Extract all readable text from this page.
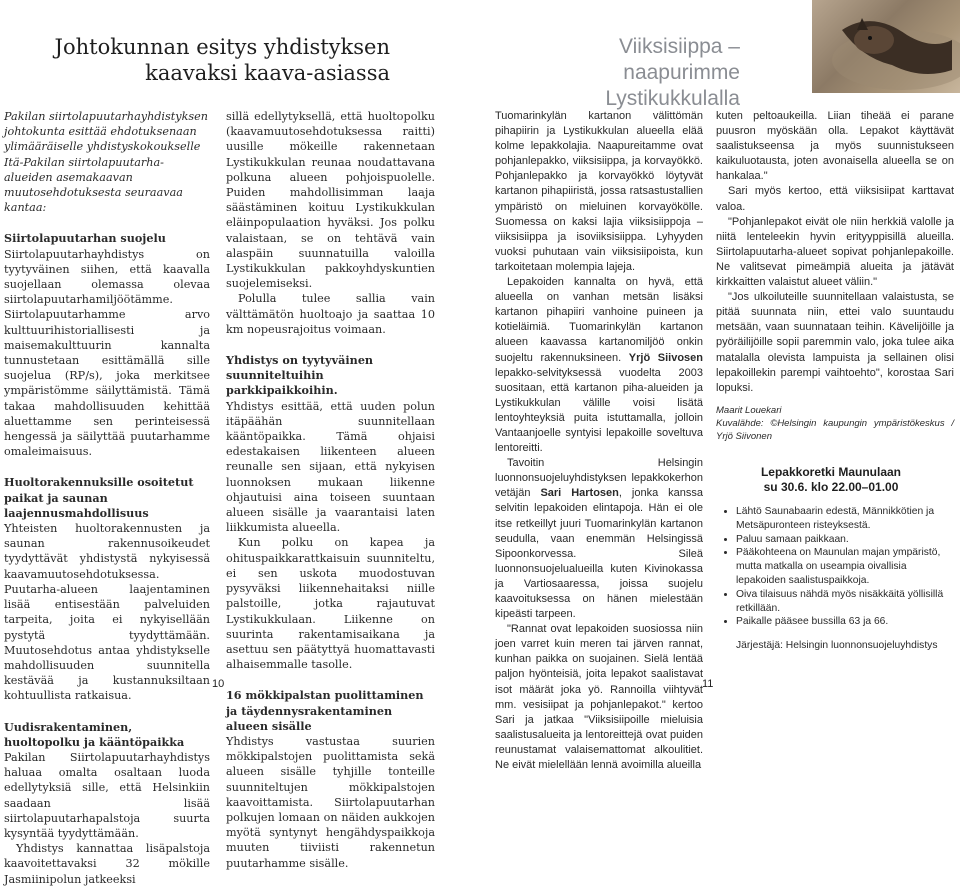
Johtokunnan esitys yhdistyksen
kaavaksi kaava-asiassa
Viiksisiippa – naapurimme
Lystikukkulalla

Pakilan siirtolapuutarhayhdistyksen johtokunta esittää ehdotuksenaan ylimääräiselle yhdistyskokoukselle Itä-Pakilan siirtolapuutarha-alueiden asemakaavan muutosehdotuksesta seuraavaa kantaa:

Siirtolapuutarhan suojelu

Siirtolapuutarhayhdistys on tyytyväinen siihen, että kaavalla suojellaan olemassa olevaa siirtolapuutarhamiljöötämme. Siirtolapuutarhamme arvo kulttuurihistoriallisesti ja maisemakulttuurin kannalta tunnustetaan esittämällä sille suojelua (RP/s), joka merkitsee ympäristömme säilyttämistä. Tämä takaa mahdollisuuden kehittää aluettamme sen perinteisessä hengessä ja säilyttää puutarhamme omaleimaisuus.

Huoltorakennuksille osoitetut paikat ja saunan laajennusmahdollisuus

Yhteisten huoltorakennusten ja saunan rakennusoikeudet tyydyttävät yhdistystä nykyisessä kaavamuutosehdotuksessa. Puutarha-alueen laajentaminen lisää entisestään palveluiden tarpeita, joita ei nykyisellään pystytä tyydyttämään. Muutosehdotus antaa yhdistykselle mahdollisuuden suunnitella kestävää ja kustannuksiltaan kohtuullista ratkaisua.

Uudisrakentaminen, huoltopolku ja kääntöpaikka

Pakilan Siirtolapuutarhayhdistys haluaa omalta osaltaan luoda edellytyksiä sille, että Helsinkiin saadaan lisää siirtolapuutarhapalstoja suurta kysyntää tyydyttämään.

Yhdistys kannattaa lisäpalstoja kaavoitettavaksi 32 mökille Jasmiinipolun jatkeeksi

sillä edellytyksellä, että huoltopolku (kaavamuutosehdotuksessa raitti) uusille mökeille rakennetaan Lystikukkulan reunaa noudattavana polkuna alueen pohjoispuolelle. Puiden mahdollisimman laaja säästäminen koituu Lystikukkulan eläinpopulaation hyväksi. Jos polku valaistaan, se on tehtävä vain alaspäin suunnatuilla valoilla Lystikukkulan pakkoyhdyskuntien suojelemiseksi.

Polulla tulee sallia vain välttämätön huoltoajo ja saattaa 10 km nopeusrajoitus voimaan.

Yhdistys on tyytyväinen suunniteltuihin parkkipaikkoihin.

Yhdistys esittää, että uuden polun itäpäähän suunnitellaan kääntöpaikka. Tämä ohjaisi edestakaisen liikenteen alueen reunalle sen sijaan, että nykyisen luonnoksen mukaan liikenne ohjautuisi aina toiseen suuntaan alueen sisälle ja vaarantaisi laten liikkumista alueella.

Kun polku on kapea ja ohituspaikkarattkaisuin suunniteltu, ei sen uskota muodostuvan pysyväksi liikennehaitaksi niille palstoille, jotka rajautuvat Lystikukkulaan. Liikenne on suurinta rakentamisaikana ja asettuu sen päätyttyä huomattavasti alhaisemmalle tasolle.

16 mökkipalstan puolittaminen ja täydennysrakentaminen alueen sisälle

Yhdistys vastustaa suurien mökkipalstojen puolittamista sekä alueen sisälle tyhjille tonteille suunniteltujen mökkipalstojen kaavoittamista. Siirtolapuutarhan polkujen lomaan on näiden aukkojen myötä syntynyt hengähdyspaikkoja muuten tiiviisti rakennetun puutarhamme sisälle.

Tuomarinkylän kartanon välittömän pihapiirin ja Lystikukkulan alueella elää kolme lepakkolajia. Naapureitamme ovat pohjanlepakko, viiksisiippa, ja korvayökkö. Pohjanlepakko ja korvayökkö löytyvät kartanon pihapiiristä, jossa ratsastustallien ympäristö on mieluinen korvayökölle. Suomessa on kaksi lajia viiksisiippoja – viiksisiippa ja isoviiksisiippa. Lyhyyden vuoksi puhutaan vain viiksisiipoista, kun tarkoitetaan molempia lajeja.

Lepakoiden kannalta on hyvä, että alueella on vanhan metsän lisäksi kartanon pihapiiri vanhoine puineen ja kotieläimiä. Tuomarinkylän kartanon alueen kaavassa kartanomiljöö onkin suojeltu rakennuksineen. Yrjö Siivosen lepakko-selvityksessä vuodelta 2003 suositaan, että kartanon piha-alueiden ja Lystikukkulan välille voisi lisätä lentoyhteyksiä puita istuttamalla, jolloin Vantaanjoelle syntyisi lepakoille soveltuva lentoreitti.

Tavoitin Helsingin luonnonsuojeluyhdistyksen lepakkokerhon vetäjän Sari Hartosen, jonka kanssa selvitin lepakoiden elintapoja. Hän ei ole itse retkeillyt juuri Tuomarinkylän kartanon seudulla, vaan enemmän Helsingissä Sipoonkorvessa. Sileä luonnonsuojelualueilla kuten Kivinokassa ja Vartiosaaressa, joissa suojelu kaavoituksessa on hänen mielestään kipeästi tarpeen.

"Rannat ovat lepakoiden suosiossa niin joen varret kuin meren tai järven rannat, kunhan paikka on suojainen. Sielä lentää paljon hyönteisiä, joita lepakot saalistavat isot määrät joka yö. Rannoilla viihtyvät mm. vesisiipat ja pohjanlepakot." kertoo Sari ja jatkaa "Viiksisiipoille mieluisia saalistusalueita ja lentoreittejä ovat puiden reunustamat valaisemattomat alkoulitiet. Ne eivät mielellään lennä avoimilla alueilla

kuten peltoaukeilla. Liian tiheää ei parane puusron myöskään olla. Lepakot käyttävät saalistukseensa ja myös suunnistukseen kaikuluotausta, joten avonaisella alueella se on hankalaa."

Sari myös kertoo, että viiksisiipat karttavat valoa.

"Pohjanlepakot eivät ole niin herkkiä valolle ja niitä lenteleekin hyvin erityyppisillä alueilla. Siirtolapuutarha-alueet sopivat pohjanlepakoille. Ne valitsevat pimeämpiä alueita ja jätävät kirkkaitten valaistut alueet väliin."

"Jos ulkoiluteille suunnitellaan valaistusta, se pitää suunnata niin, ettei valo suuntaudu metsään, vaan suunnataan teihin. Kävelijöille ja pyöräilijöille sopii paremmin valo, joka tulee aika matalalla olevista lampuista ja sellainen olisi lepakoillekin parempi vaihtoehto", korostaa Sari lopuksi.

Maarit Louekari
Kuvalähde: ©Helsingin kaupungin ympäristökeskus / Yrjö Siivonen
Lepakkoretki Maunulaan
su 30.6. klo 22.00–01.00
• Lähtö Saunabaarin edestä, Männikkötien ja Metsäpuronteen risteyksestä.
• Paluu samaan paikkaan.
• Pääkohteena on Maunulan majan ympäristö, mutta matkalla on useampia oivallisia lepakoiden saalistuspaikkoja.
• Oiva tilaisuus nähdä myös nisäkkäitä yöllisillä retkillään.
• Paikalle pääsee bussilla 63 ja 66.
Järjestäjä: Helsingin luonnonsuojeluyhdistys
10	11
